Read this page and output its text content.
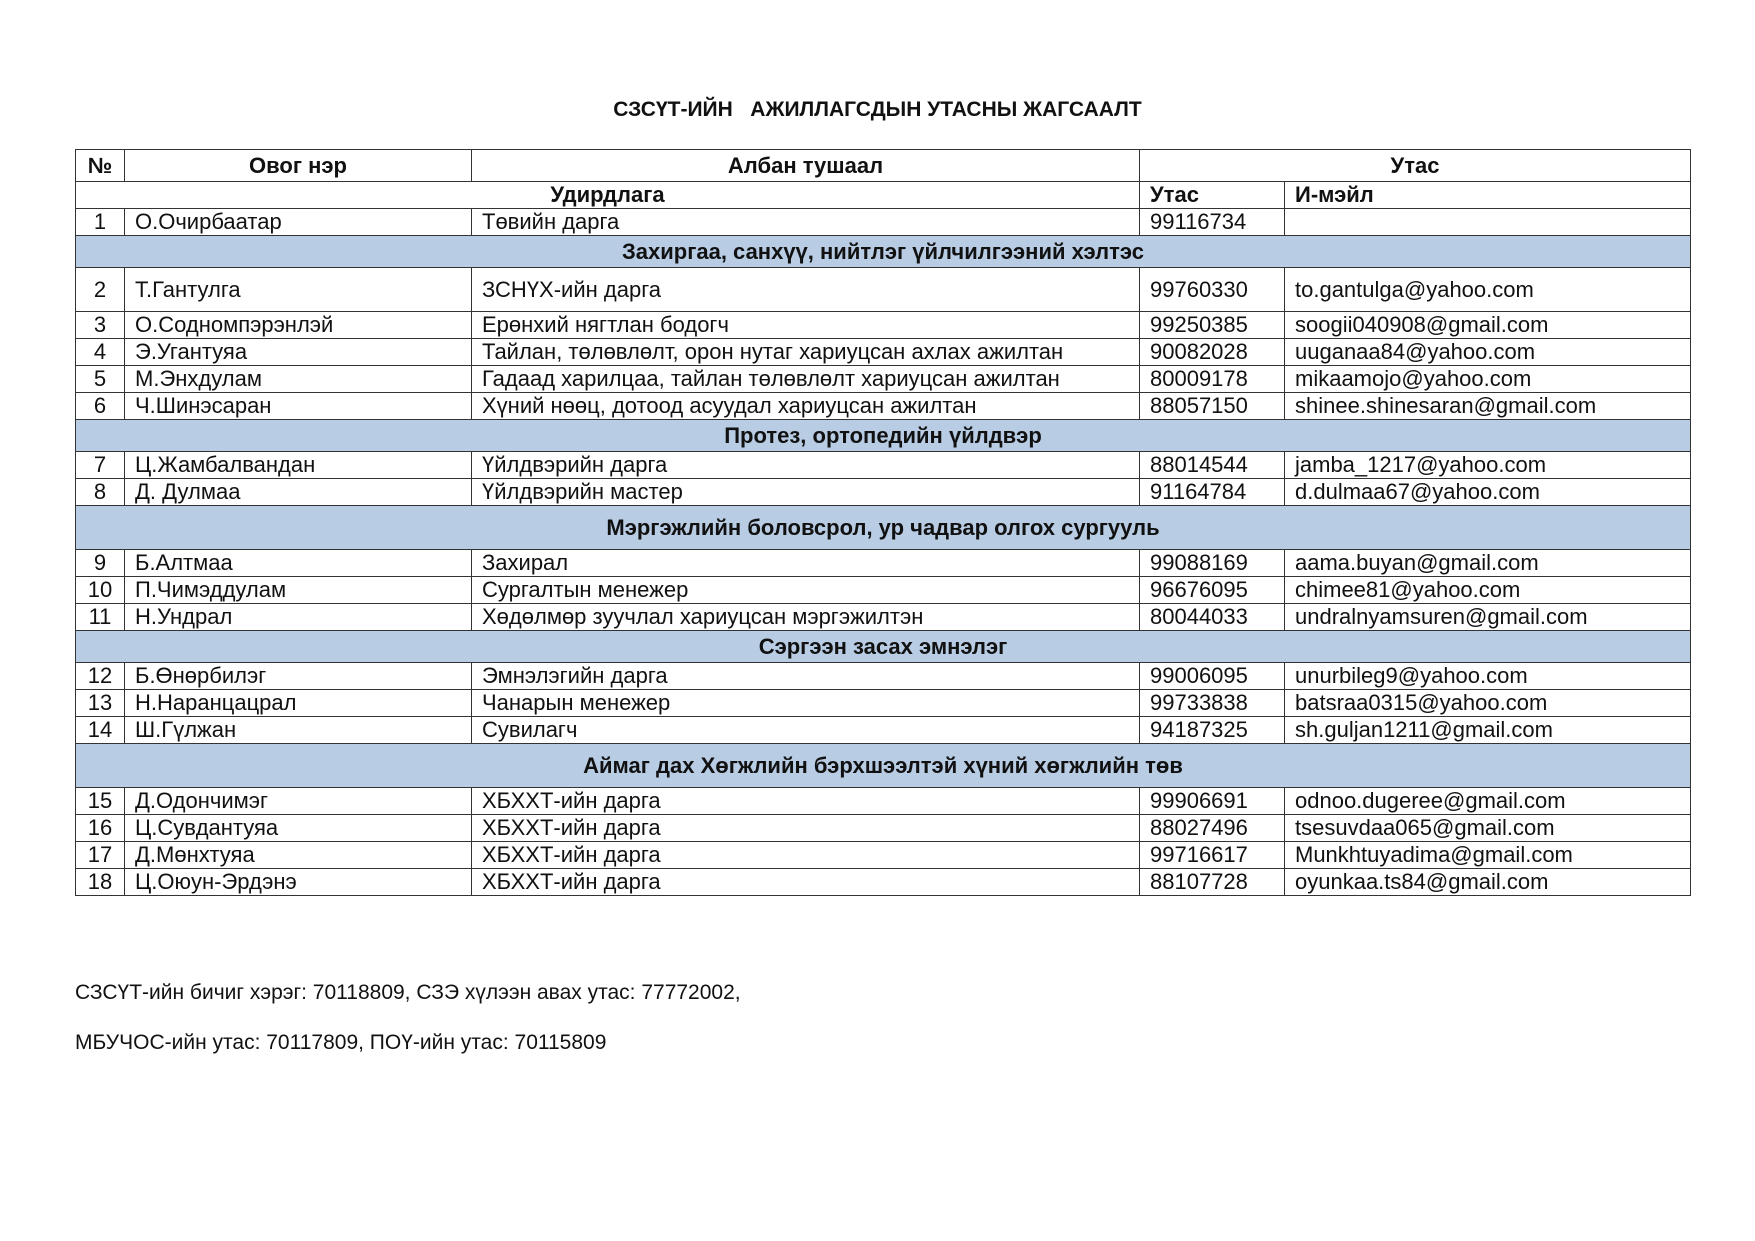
СЗСҮТ-ИЙН   АЖИЛЛАГСДЫН УТАСНЫ ЖАГСААЛТ
№	Овог нэр	Албан тушаал	Утас	
Удирдлага			Утас	И-мэйл
1	О.Очирбаатар	Төвийн дарга	99116734	
Захиргаа, санхүү, нийтлэг үйлчилгээний хэлтэс				
2	Т.Гантулга	ЗСНҮХ-ийн дарга	99760330	to.gantulga@yahoo.com
3	О.Содномпэрэнлэй	Ерөнхий нягтлан бодогч	99250385	soogii040908@gmail.com
4	Э.Угантуяа	Тайлан, төлөвлөлт, орон нутаг хариуцсан ахлах ажилтан	90082028	uuganaa84@yahoo.com
5	М.Энхдулам	Гадаад харилцаа, тайлан төлөвлөлт хариуцсан ажилтан	80009178	mikaamojo@yahoo.com
6	Ч.Шинэсаран	Хүний нөөц, дотоод асуудал хариуцсан ажилтан	88057150	shinee.shinesaran@gmail.com
Протез, ортопедийн үйлдвэр				
7	Ц.Жамбалвандан	Үйлдвэрийн дарга	88014544	jamba_1217@yahoo.com
8	Д. Дулмаа	Үйлдвэрийн мастер	91164784	d.dulmaa67@yahoo.com
Мэргэжлийн боловсрол, ур чадвар олгох сургууль				
9	Б.Алтмаа	Захирал	99088169	aama.buyan@gmail.com
10	П.Чимэддулам	Сургалтын менежер	96676095	chimee81@yahoo.com
11	Н.Ундрал	Хөдөлмөр зуучлал хариуцсан мэргэжилтэн	80044033	undralnyamsuren@gmail.com
Сэргээн засах эмнэлэг				
12	Б.Өнөрбилэг	Эмнэлэгийн дарга	99006095	unurbileg9@yahoo.com
13	Н.Наранцацрал	Чанарын менежер	99733838	batsraa0315@yahoo.com
14	Ш.Гүлжан	Сувилагч	94187325	sh.guljan1211@gmail.com
Аймаг дах Хөгжлийн бэрхшээлтэй хүний хөгжлийн төв				
15	Д.Одончимэг	ХБХХТ-ийн дарга	99906691	odnoo.dugeree@gmail.com
16	Ц.Сувдантуяа	ХБХХТ-ийн дарга	88027496	tsesuvdaa065@gmail.com
17	Д.Мөнхтуяа	ХБХХТ-ийн дарга	99716617	Munkhtuyadima@gmail.com
18	Ц.Оюун-Эрдэнэ	ХБХХТ-ийн дарга	88107728	oyunkaa.ts84@gmail.com
СЗСҮТ-ийн бичиг хэрэг: 70118809, СЗЭ хүлээн авах утас: 77772002,
МБУЧОС-ийн утас: 70117809, ПОҮ-ийн утас: 70115809
